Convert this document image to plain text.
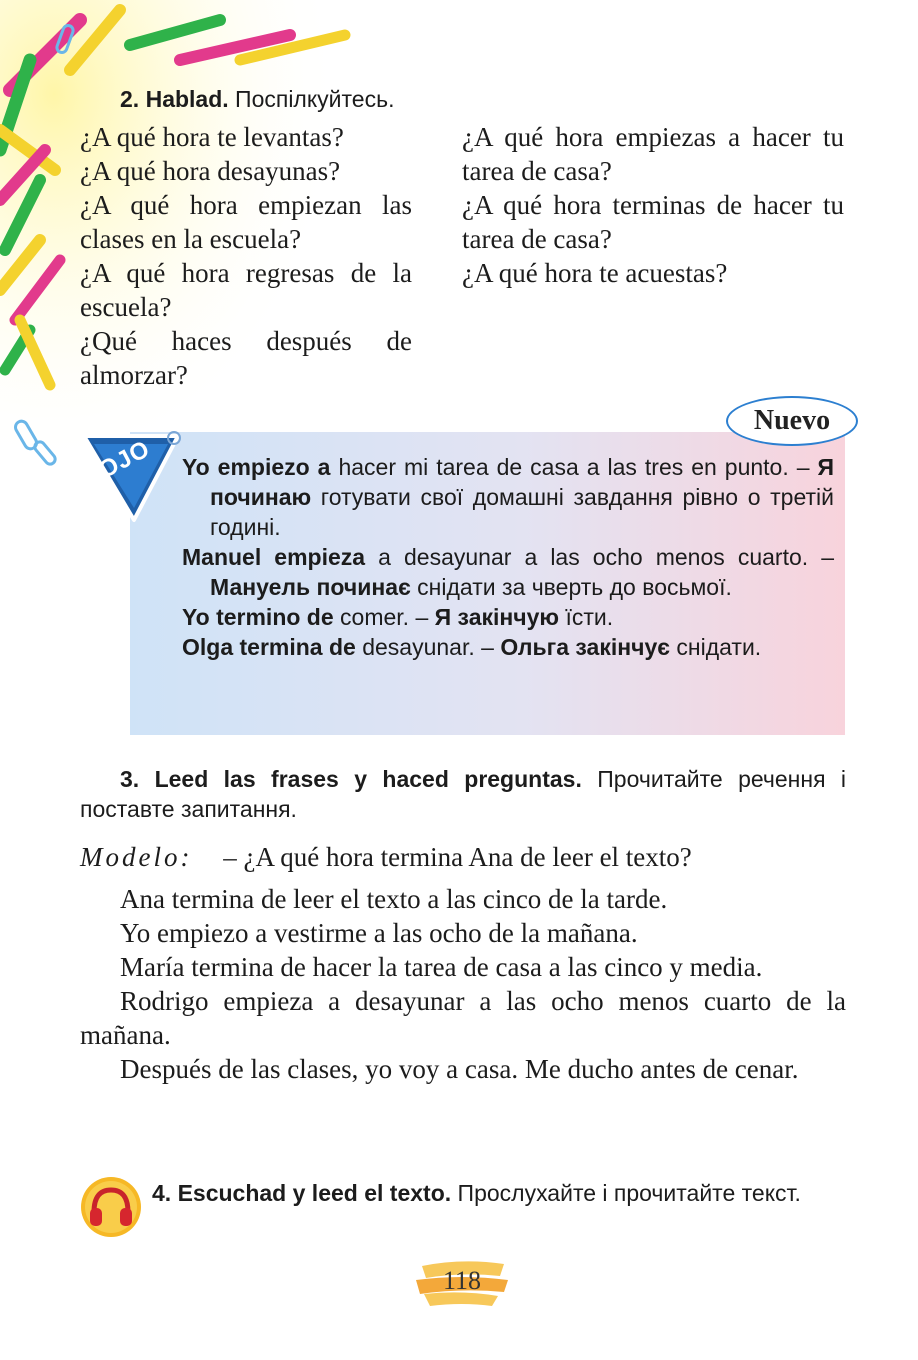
2. Hablad. Поспілкуйтесь.
¿A qué hora te levantas?
¿A qué hora desayunas?
¿A qué hora empiezan las clases en la escuela?
¿A qué hora regresas de la escuela?
¿Qué haces después de almorzar?
¿A qué hora empiezas a hacer tu tarea de casa?
¿A qué hora terminas de hacer tu tarea de casa?
¿A qué hora te acuestas?
OJO
Nuevo

Yo empiezo a hacer mi tarea de casa a las tres en punto. – Я починаю готувати свої домашні завдання рівно о третій годині.

Manuel empieza a desayunar a las ocho menos cuarto. – Мануель починає снідати за чверть до восьмої.

Yo termino de comer. – Я закінчую їсти.

Olga termina de desayunar. – Ольга закінчує снідати.

3. Leed las frases y haced preguntas. Прочитайте речення і поставте запитання.
Modelo: – ¿A qué hora termina Ana de leer el texto?

Ana termina de leer el texto a las cinco de la tarde.

Yo empiezo a vestirme a las ocho de la mañana.

María termina de hacer la tarea de casa a las cinco y media.

Rodrigo empieza a desayunar a las ocho menos cuarto de la mañana.

Después de las clases, yo voy a casa. Me ducho antes de cenar.

4. Escuchad y leed el texto. Прослухайте і прочитайте текст.
118
